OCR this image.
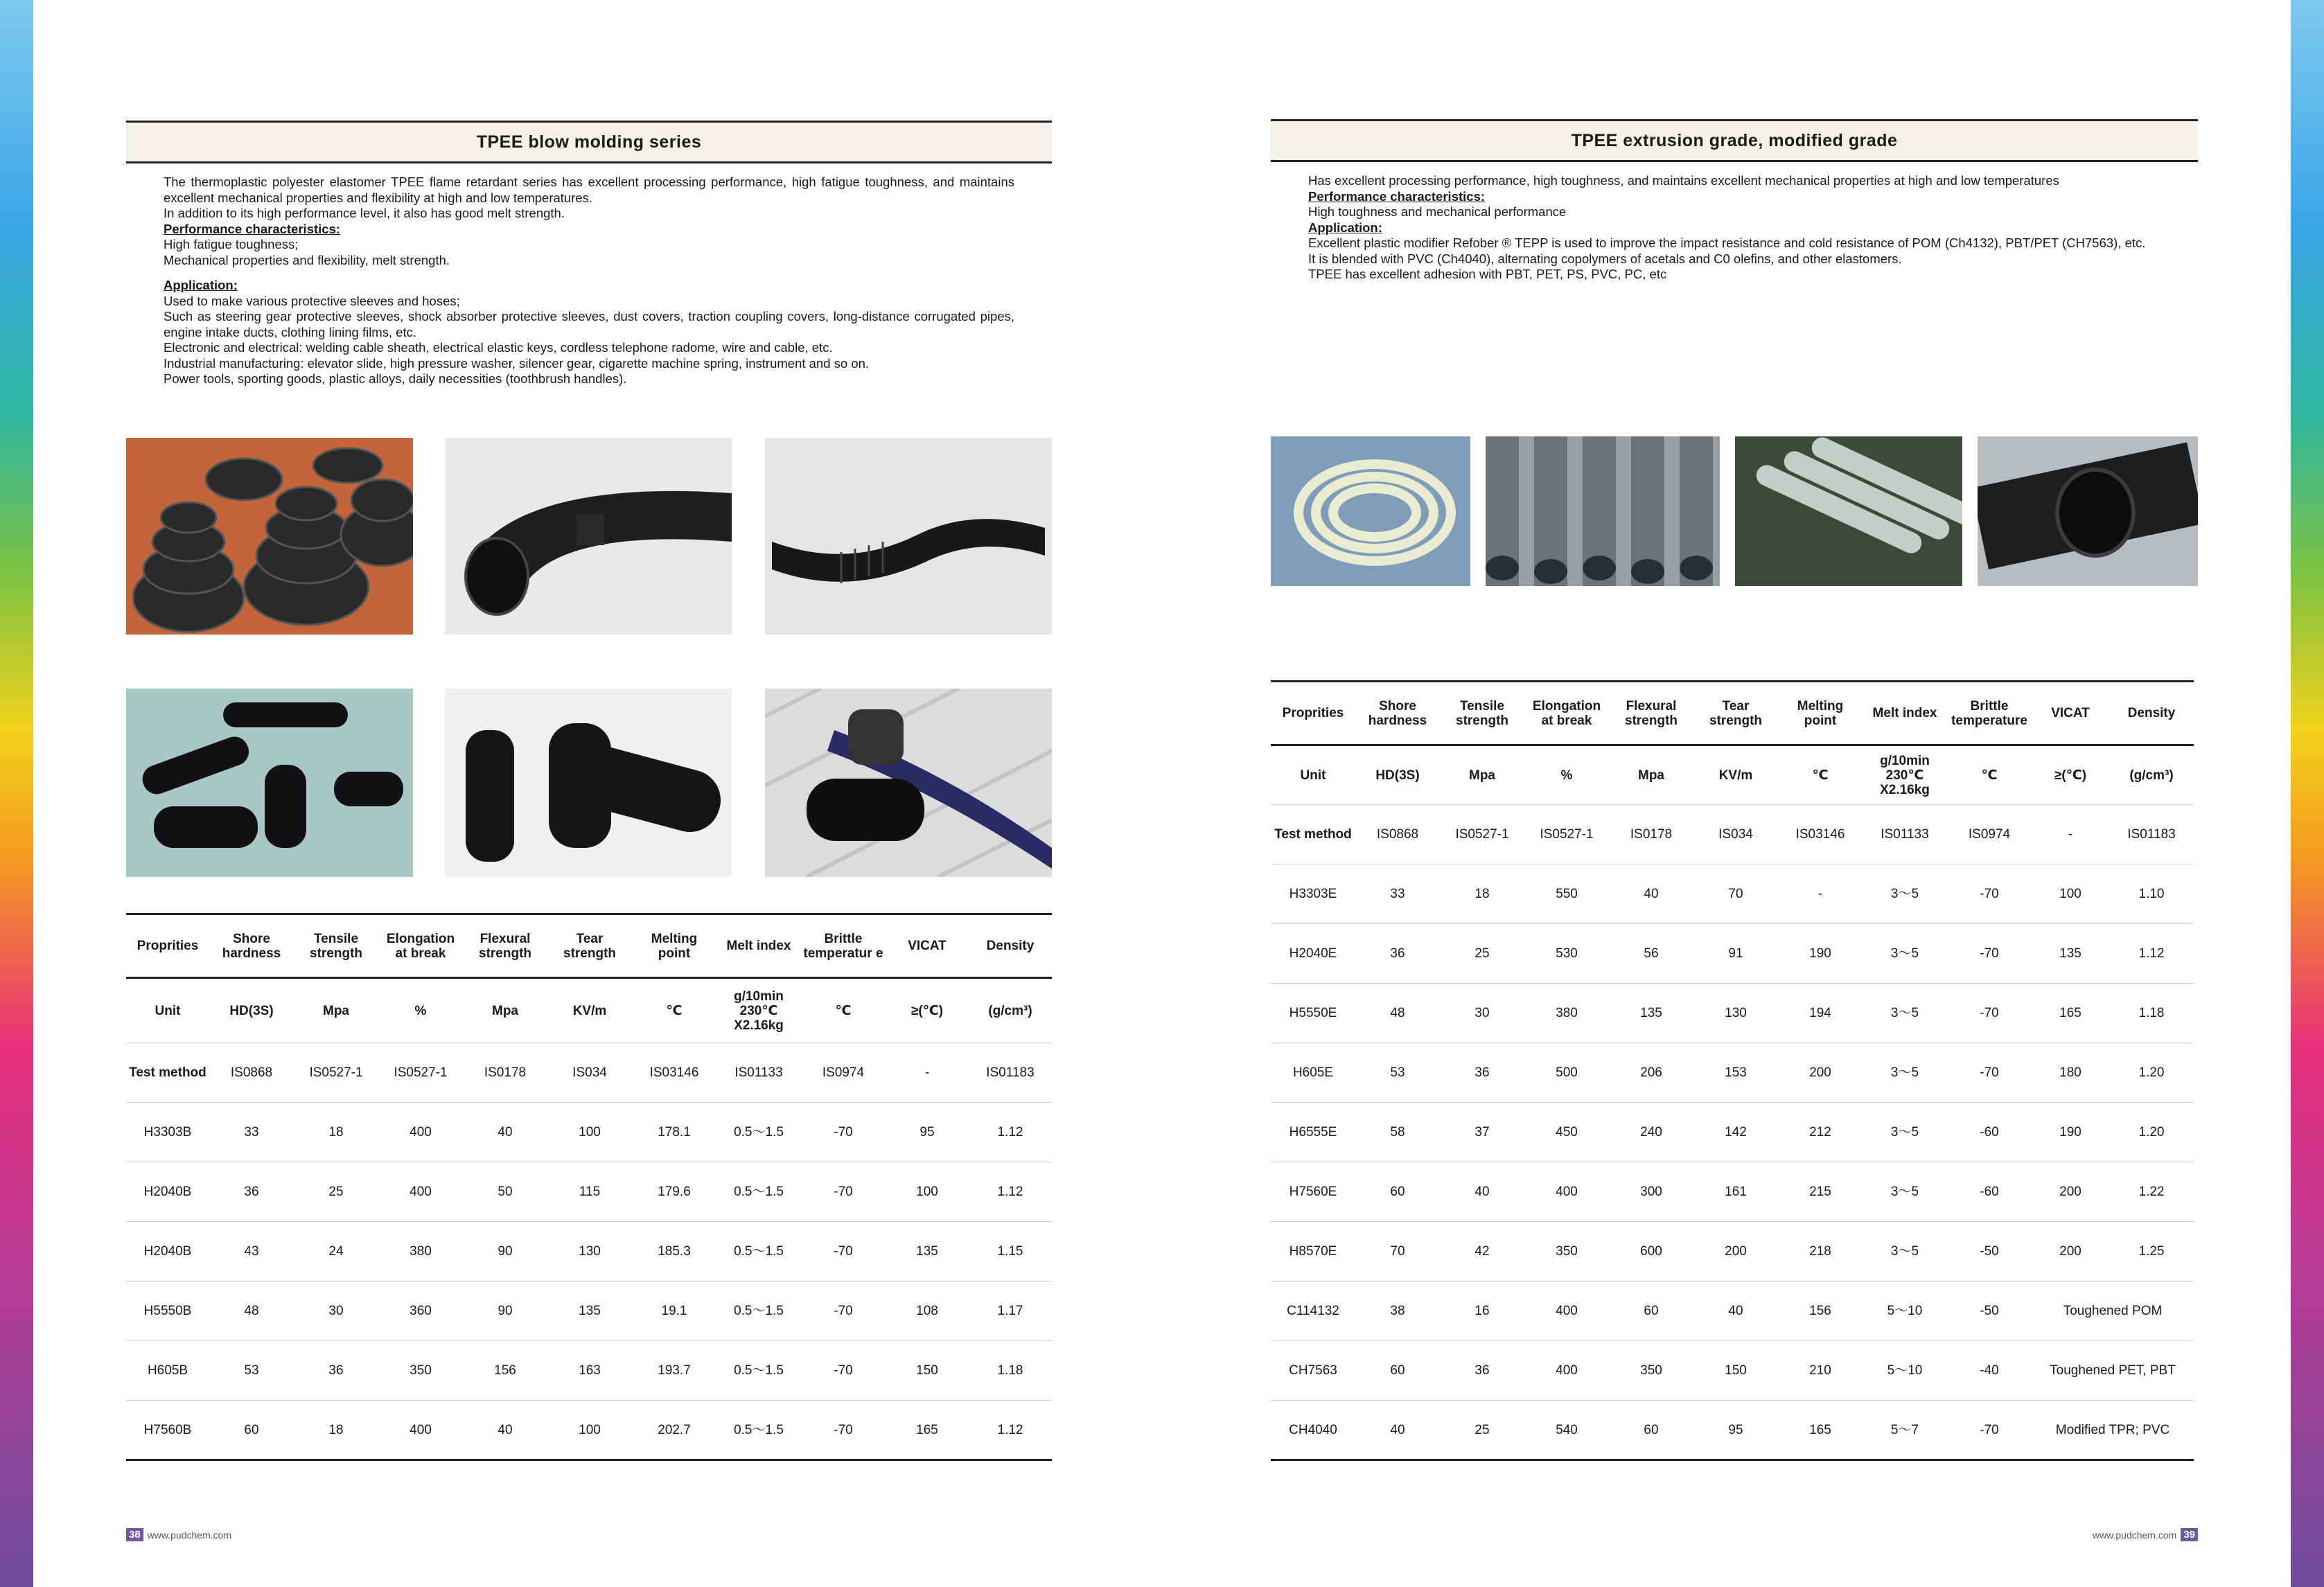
TPEE blow molding series

The thermoplastic polyester elastomer TPEE flame retardant series has excellent processing performance, high fatigue toughness, and maintains excellent mechanical properties and flexibility at high and low temperatures.

In addition to its high performance level, it also has good melt strength.

Performance characteristics:

High fatigue toughness;

Mechanical properties and flexibility, melt strength.

Application:

Used to make various protective sleeves and hoses;

Such as steering gear protective sleeves, shock absorber protective sleeves, dust covers, traction coupling covers, long-distance corrugated pipes, engine intake ducts, clothing lining films, etc.

Electronic and electrical: welding cable sheath, electrical elastic keys, cordless telephone radome, wire and cable, etc.

Industrial manufacturing: elevator slide, high pressure washer, silencer gear, cigarette machine spring, instrument and so on.

Power tools, sporting goods, plastic alloys, daily necessities (toothbrush handles).

Proprities	Shore hardness	Tensile strength	Elongation at break	Flexural strength	Tear strength	Melting point	Melt index	Brittle temperatur e	VICAT	Density
Unit	HD(3S)	Mpa	%	Mpa	KV/m	℃	g/10min 230℃ X2.16kg	℃	≥(℃)	(g/cm³)
Test method	IS0868	IS0527-1	IS0527-1	IS0178	IS034	IS03146	IS01133	IS0974	-	IS01183
H3303B	33	18	400	40	100	178.1	0.5～1.5	-70	95	1.12
H2040B	36	25	400	50	115	179.6	0.5～1.5	-70	100	1.12
H2040B	43	24	380	90	130	185.3	0.5～1.5	-70	135	1.15
H5550B	48	30	360	90	135	19.1	0.5～1.5	-70	108	1.17
H605B	53	36	350	156	163	193.7	0.5～1.5	-70	150	1.18
H7560B	60	18	400	40	100	202.7	0.5～1.5	-70	165	1.12
38 www.pudchem.com
TPEE extrusion grade, modified grade

Has excellent processing performance, high toughness, and maintains excellent mechanical properties at high and low temperatures

Performance characteristics:

High toughness and mechanical performance

Application:

Excellent plastic modifier Refober ® TEPP is used to improve the impact resistance and cold resistance of POM (Ch4132), PBT/PET (CH7563), etc.

It is blended with PVC (Ch4040), alternating copolymers of acetals and C0 olefins, and other elastomers.

TPEE has excellent adhesion with PBT, PET, PS, PVC, PC, etc

Proprities	Shore hardness	Tensile strength	Elongation at break	Flexural strength	Tear strength	Melting point	Melt index	Brittle temperature	VICAT	Density
Unit	HD(3S)	Mpa	%	Mpa	KV/m	℃	g/10min 230℃ X2.16kg	℃	≥(℃)	(g/cm³)
Test method	IS0868	IS0527-1	IS0527-1	IS0178	IS034	IS03146	IS01133	IS0974	-	IS01183
H3303E	33	18	550	40	70	-	3～5	-70	100	1.10
H2040E	36	25	530	56	91	190	3～5	-70	135	1.12
H5550E	48	30	380	135	130	194	3～5	-70	165	1.18
H605E	53	36	500	206	153	200	3～5	-70	180	1.20
H6555E	58	37	450	240	142	212	3～5	-60	190	1.20
H7560E	60	40	400	300	161	215	3～5	-60	200	1.22
H8570E	70	42	350	600	200	218	3～5	-50	200	1.25
C114132	38	16	400	60	40	156	5～10	-50	Toughened POM	
CH7563	60	36	400	350	150	210	5～10	-40	Toughened PET, PBT	
CH4040	40	25	540	60	95	165	5～7	-70	Modified TPR; PVC	
www.pudchem.com 39
